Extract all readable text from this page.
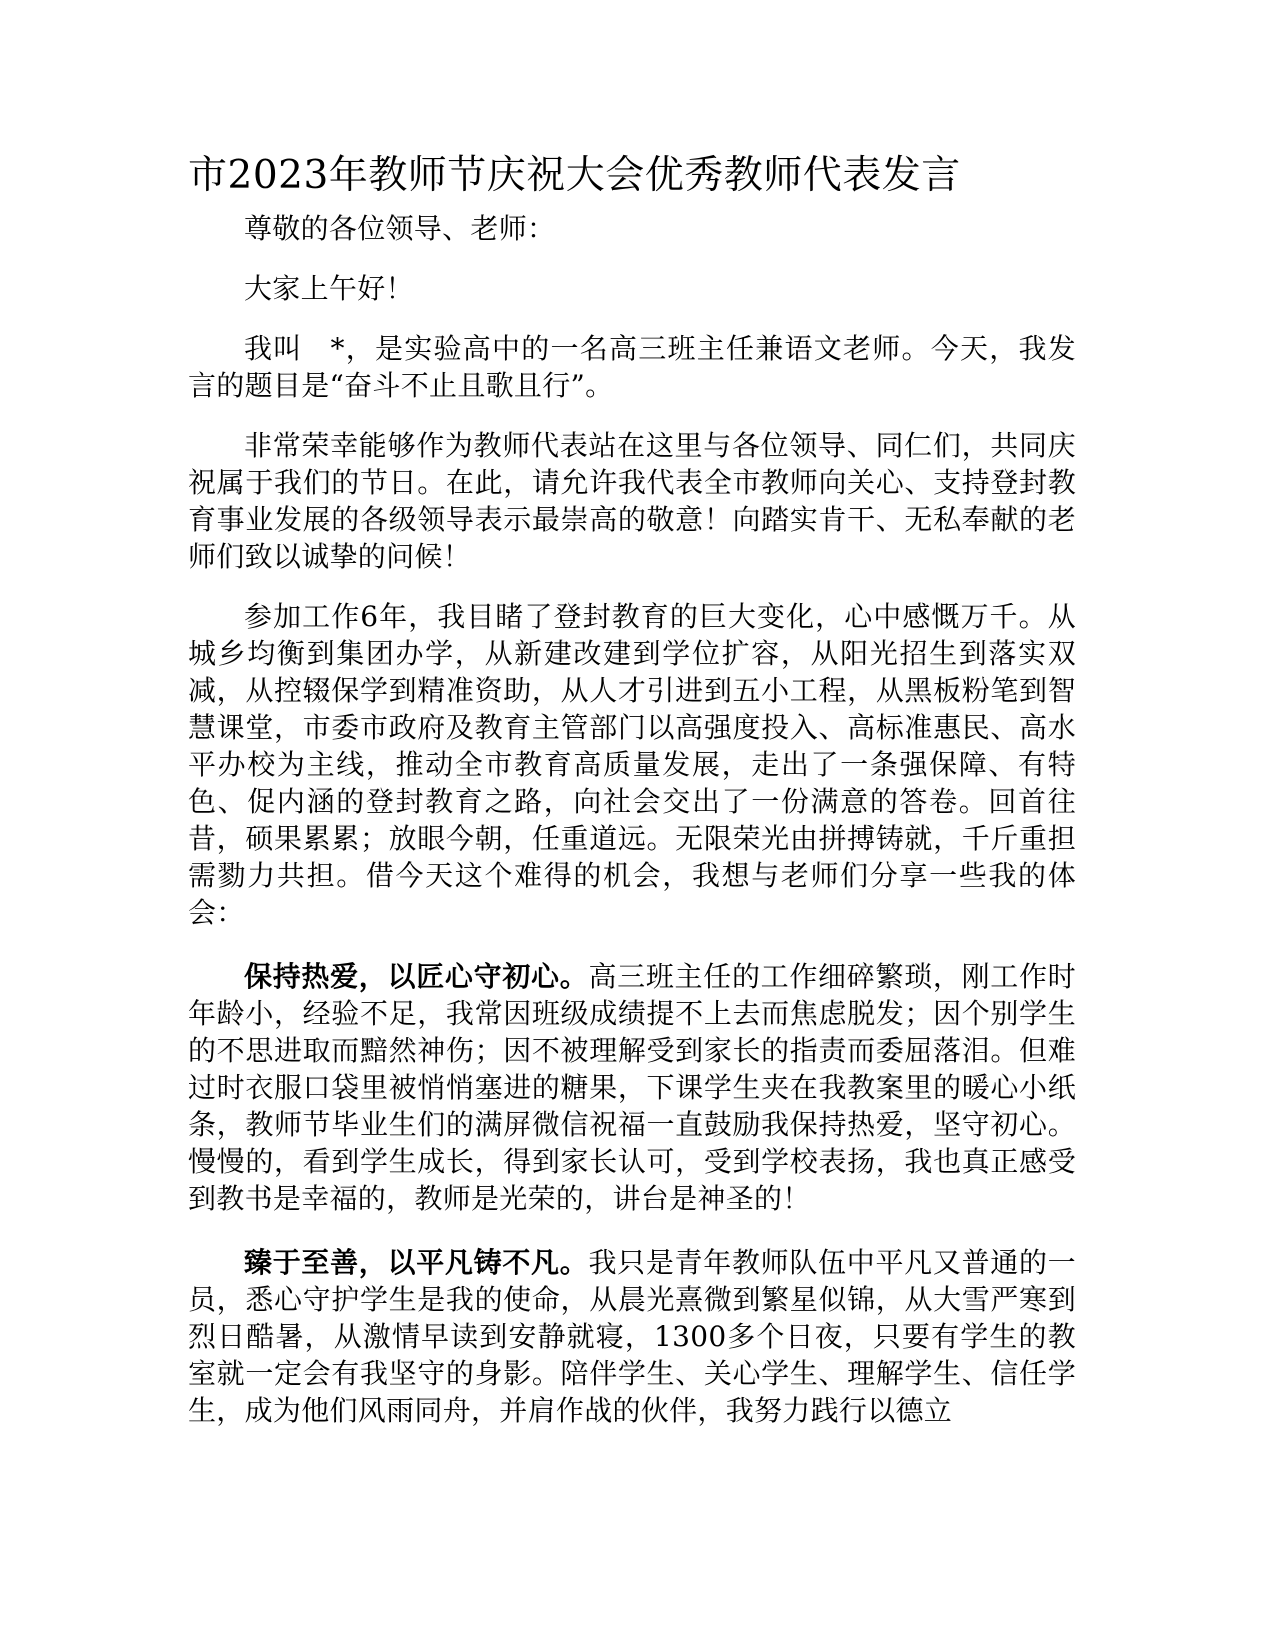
市2023年教师节庆祝大会优秀教师代表发言

尊敬的各位领导、老师：

大家上午好！

我叫 *，是实验高中的一名高三班主任兼语文老师。今天，我发言的题目是“奋斗不止且歌且行”。

非常荣幸能够作为教师代表站在这里与各位领导、同仁们，共同庆祝属于我们的节日。在此，请允许我代表全市教师向关心、支持登封教育事业发展的各级领导表示最崇高的敬意！向踏实肯干、无私奉献的老师们致以诚挚的问候！

参加工作6年，我目睹了登封教育的巨大变化，心中感慨万千。从城乡均衡到集团办学，从新建改建到学位扩容，从阳光招生到落实双减，从控辍保学到精准资助，从人才引进到五小工程，从黑板粉笔到智慧课堂，市委市政府及教育主管部门以高强度投入、高标准惠民、高水平办校为主线，推动全市教育高质量发展，走出了一条强保障、有特色、促内涵的登封教育之路，向社会交出了一份满意的答卷。回首往昔，硕果累累；放眼今朝，任重道远。无限荣光由拼搏铸就，千斤重担需勠力共担。借今天这个难得的机会，我想与老师们分享一些我的体会：

保持热爱，以匠心守初心。高三班主任的工作细碎繁琐，刚工作时年龄小，经验不足，我常因班级成绩提不上去而焦虑脱发；因个别学生的不思进取而黯然神伤；因不被理解受到家长的指责而委屈落泪。但难过时衣服口袋里被悄悄塞进的糖果，下课学生夹在我教案里的暖心小纸条，教师节毕业生们的满屏微信祝福一直鼓励我保持热爱，坚守初心。慢慢的，看到学生成长，得到家长认可，受到学校表扬，我也真正感受到教书是幸福的，教师是光荣的，讲台是神圣的！

臻于至善，以平凡铸不凡。我只是青年教师队伍中平凡又普通的一员，悉心守护学生是我的使命，从晨光熹微到繁星似锦，从大雪严寒到烈日酷暑，从激情早读到安静就寝，1300多个日夜，只要有学生的教室就一定会有我坚守的身影。陪伴学生、关心学生、理解学生、信任学生，成为他们风雨同舟，并肩作战的伙伴，我努力践行以德立
